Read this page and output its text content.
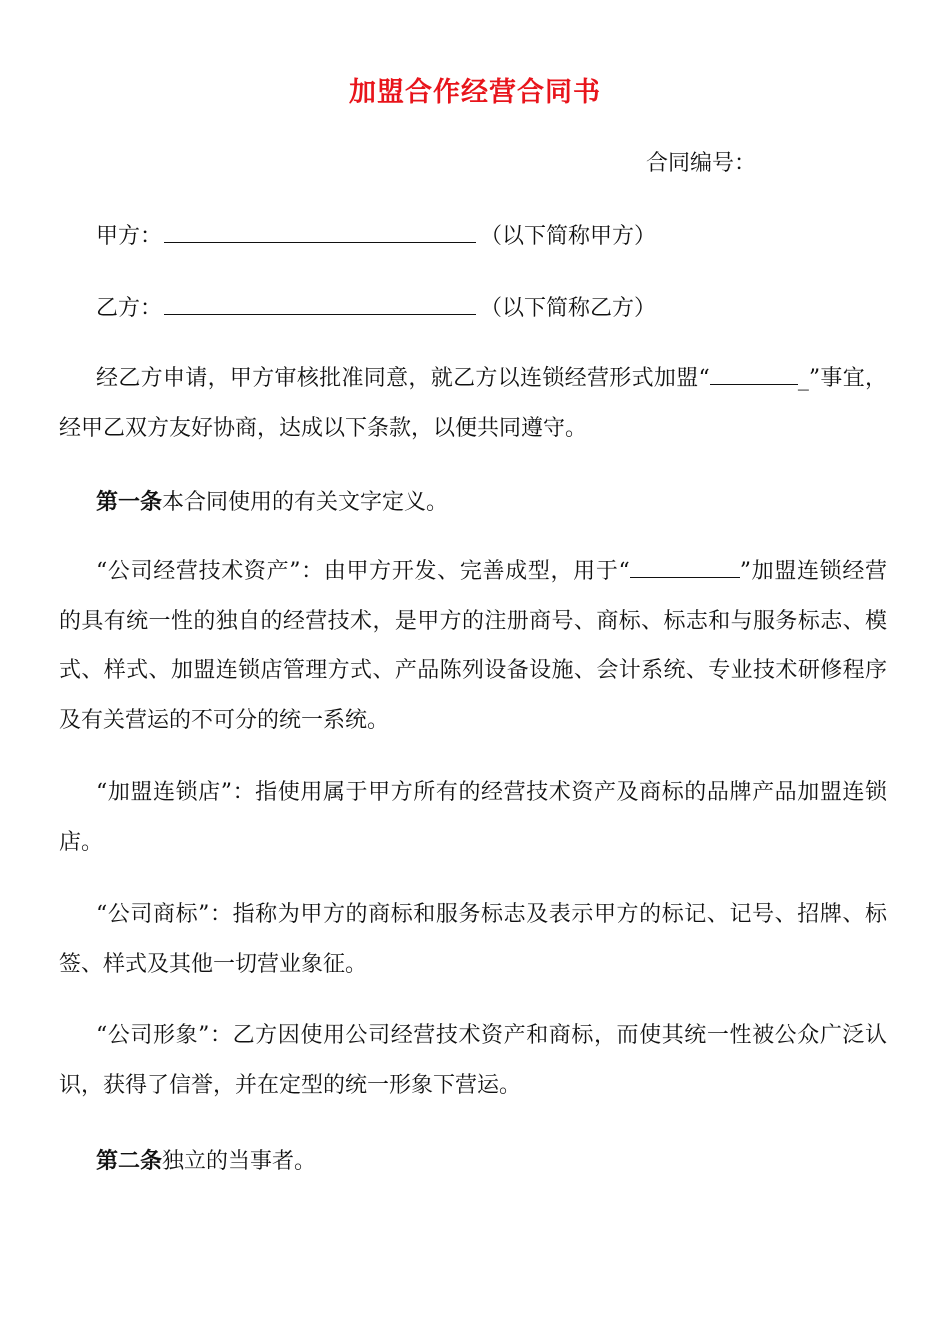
加盟合作经营合同书
合同编号：
甲方：	（以下简称甲方）
乙方：	（以下简称乙方）
经乙方申请，甲方审核批准同意，就乙方以连锁经营形式加盟“	_”事宜，经甲乙双方友好协商，达成以下条款，以便共同遵守。
第一条本合同使用的有关文字定义。
“公司经营技术资产”：由甲方开发、完善成型，用于“	”加盟连锁经营的具有统一性的独自的经营技术，是甲方的注册商号、商标、标志和与服务标志、模式、样式、加盟连锁店管理方式、产品陈列设备设施、会计系统、专业技术研修程序及有关营运的不可分的统一系统。
“加盟连锁店”：指使用属于甲方所有的经营技术资产及商标的品牌产品加盟连锁店。
“公司商标”：指称为甲方的商标和服务标志及表示甲方的标记、记号、招牌、标签、样式及其他一切营业象征。
“公司形象”：乙方因使用公司经营技术资产和商标，而使其统一性被公众广泛认识，获得了信誉，并在定型的统一形象下营运。
第二条独立的当事者。
